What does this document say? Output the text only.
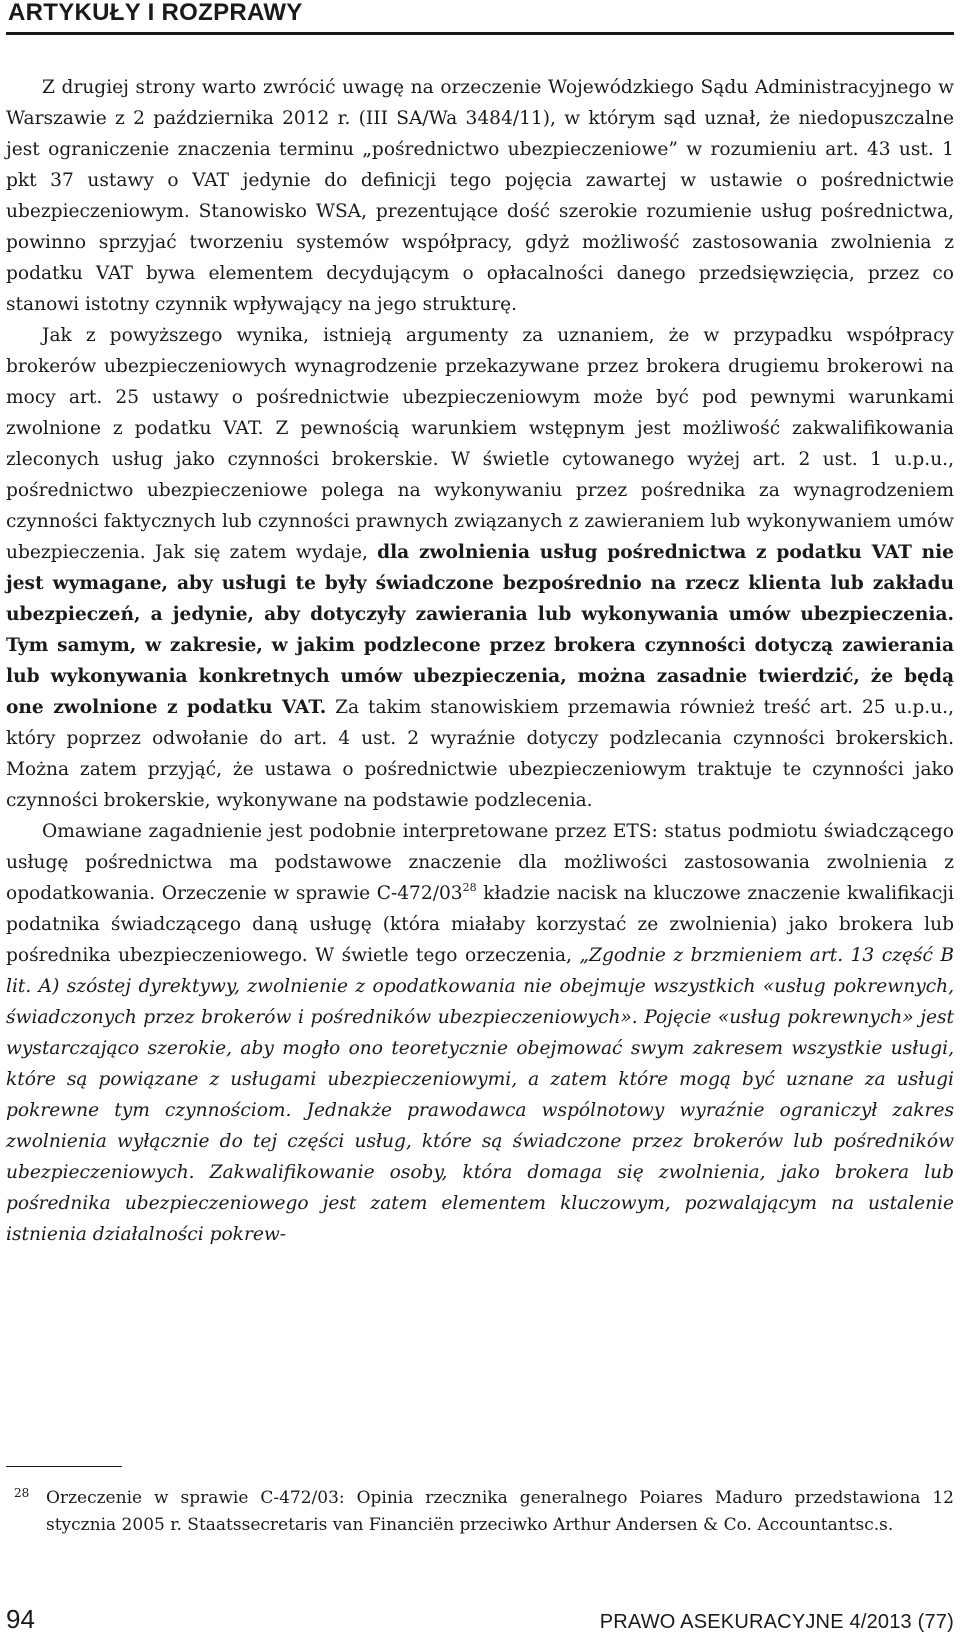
ARTYKUŁY I ROZPRAWY

Z drugiej strony warto zwrócić uwagę na orzeczenie Wojewódzkiego Sądu Administracyjnego w Warszawie z 2 października 2012 r. (III SA/Wa 3484/11), w którym sąd uznał, że niedopuszczalne jest ograniczenie znaczenia terminu „pośrednictwo ubezpieczeniowe” w rozumieniu art. 43 ust. 1 pkt 37 ustawy o VAT jedynie do definicji tego pojęcia zawartej w ustawie o pośrednictwie ubezpieczeniowym. Stanowisko WSA, prezentujące dość szerokie rozumienie usług pośrednictwa, powinno sprzyjać tworzeniu systemów współpracy, gdyż możliwość zastosowania zwolnienia z podatku VAT bywa elementem decydującym o opłacalności danego przedsięwzięcia, przez co stanowi istotny czynnik wpływający na jego strukturę.

Jak z powyższego wynika, istnieją argumenty za uznaniem, że w przypadku współpracy brokerów ubezpieczeniowych wynagrodzenie przekazywane przez brokera drugiemu brokerowi na mocy art. 25 ustawy o pośrednictwie ubezpieczeniowym może być pod pewnymi warunkami zwolnione z podatku VAT. Z pewnością warunkiem wstępnym jest możliwość zakwalifikowania zleconych usług jako czynności brokerskie. W świetle cytowanego wyżej art. 2 ust. 1 u.p.u., pośrednictwo ubezpieczeniowe polega na wykonywaniu przez pośrednika za wynagrodzeniem czynności faktycznych lub czynności prawnych związanych z zawieraniem lub wykonywaniem umów ubezpieczenia. Jak się zatem wydaje, dla zwolnienia usług pośrednictwa z podatku VAT nie jest wymagane, aby usługi te były świadczone bezpośrednio na rzecz klienta lub zakładu ubezpieczeń, a jedynie, aby dotyczyły zawierania lub wykonywania umów ubezpieczenia. Tym samym, w zakresie, w jakim podzlecone przez brokera czynności dotyczą zawierania lub wykonywania konkretnych umów ubezpieczenia, można zasadnie twierdzić, że będą one zwolnione z podatku VAT. Za takim stanowiskiem przemawia również treść art. 25 u.p.u., który poprzez odwołanie do art. 4 ust. 2 wyraźnie dotyczy podzlecania czynności brokerskich. Można zatem przyjąć, że ustawa o pośrednictwie ubezpieczeniowym traktuje te czynności jako czynności brokerskie, wykonywane na podstawie podzlecenia.

Omawiane zagadnienie jest podobnie interpretowane przez ETS: status podmiotu świadczącego usługę pośrednictwa ma podstawowe znaczenie dla możliwości zastosowania zwolnienia z opodatkowania. Orzeczenie w sprawie $C-472/03^{28}$ kładzie nacisk na kluczowe znaczenie kwalifikacji podatnika świadczącego daną usługę (która miałaby korzystać ze zwolnienia) jako brokera lub pośrednika ubezpieczeniowego. W świetle tego orzeczenia, „Zgodnie z brzmieniem art. 13 część B lit. A) szóstej dyrektywy, zwolnienie z opodatkowania nie obejmuje wszystkich «usług pokrewnych, świadczonych przez brokerów i pośredników ubezpieczeniowych». Pojęcie «usług pokrewnych» jest wystarczająco szerokie, aby mogło ono teoretycznie obejmować swym zakresem wszystkie usługi, które są powiązane z usługami ubezpieczeniowymi, a zatem które mogą być uznane za usługi pokrewne tym czynnościom. Jednakże prawodawca wspólnotowy wyraźnie ograniczył zakres zwolnienia wyłącznie do tej części usług, które są świadczone przez brokerów lub pośredników ubezpieczeniowych. Zakwalifikowanie osoby, która domaga się zwolnienia, jako brokera lub pośrednika ubezpieczeniowego jest zatem elementem kluczowym, pozwalającym na ustalenie istnienia działalności pokrew-

28 Orzeczenie w sprawie C-472/03: Opinia rzecznika generalnego Poiares Maduro przedstawiona 12 stycznia 2005 r. Staatssecretaris van Financiën przeciwko Arthur Andersen & Co. Accountantsc.s.
94	PRAWO ASEKURACYJNE 4/2013 (77)
